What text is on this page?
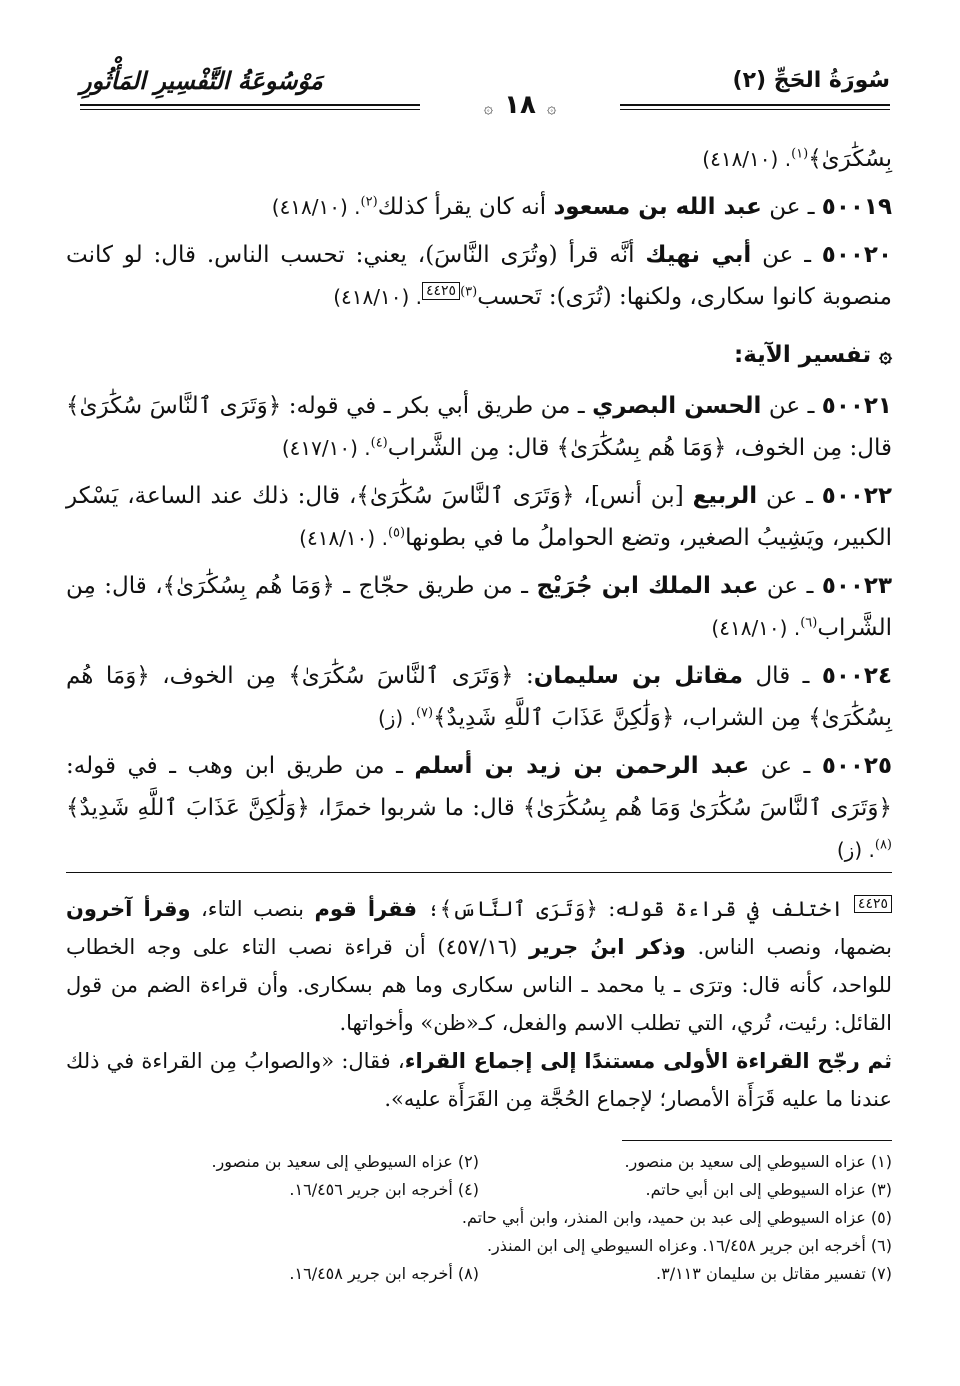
سُورَةُ الحَجِّ (٢)
مَوْسُوعَةُ التَّفْسِيرِ المَأْثُورِ
۞ ١٨ ۞

بِسُكَٰرَىٰ﴾$^{(١)}$. (٤١٨/١٠)

٥٠٠١٩ ـ عن عبد الله بن مسعود أنه كان يقرأ كذلك$^{(٢)}$. (٤١٨/١٠)

٥٠٠٢٠ ـ عن أبي نهيك أنَّه قرأ (وتُرَى النَّاسَ)، يعني: تحسب الناس. قال: لو كانت منصوبة كانوا سكارى، ولكنها: (تُرَى): تَحسب$^{(٣)}$٤٤٢٥. (٤١٨/١٠)

۞ تفسير الآية:

٥٠٠٢١ ـ عن الحسن البصري ـ من طريق أبي بكر ـ في قوله: ﴿وَتَرَى ٱلنَّاسَ سُكَٰرَىٰ﴾ قال: مِن الخوف، ﴿وَمَا هُم بِسُكَٰرَىٰ﴾ قال: مِن الشَّراب$^{(٤)}$. (٤١٧/١٠)

٥٠٠٢٢ ـ عن الربيع [بن أنس]، ﴿وَتَرَى ٱلنَّاسَ سُكَٰرَىٰ﴾، قال: ذلك عند الساعة، يَسْكر الكبير، ويَشِيبُ الصغير، وتضع الحواملُ ما في بطونها$^{(٥)}$. (٤١٨/١٠)

٥٠٠٢٣ ـ عن عبد الملك ابن جُرَيْج ـ من طريق حجّاج ـ ﴿وَمَا هُم بِسُكَٰرَىٰ﴾، قال: مِن الشَّراب$^{(٦)}$. (٤١٨/١٠)

٥٠٠٢٤ ـ قال مقاتل بن سليمان: ﴿وَتَرَى ٱلنَّاسَ سُكَٰرَىٰ﴾ مِن الخوف، ﴿وَمَا هُم بِسُكَٰرَىٰ﴾ مِن الشراب، ﴿وَلَٰكِنَّ عَذَابَ ٱللَّهِ شَدِيدٌ﴾$^{(٧)}$. (ز)

٥٠٠٢٥ ـ عن عبد الرحمن بن زيد بن أسلم ـ من طريق ابن وهب ـ في قوله: ﴿وَتَرَى ٱلنَّاسَ سُكَٰرَىٰ وَمَا هُم بِسُكَٰرَىٰ﴾ قال: ما شربوا خمرًا، ﴿وَلَٰكِنَّ عَذَابَ ٱللَّهِ شَدِيدٌ﴾$^{(٨)}$. (ز)

٤٤٢٥ اختلف في قراءة قوله: ﴿وَتَرَى ٱلنَّاسَ﴾؛ فقرأ قوم بنصب التاء، وقرأ آخرون بضمها، ونصب الناس. وذكر ابنُ جرير (٤٥٧/١٦) أن قراءة نصب التاء على وجه الخطاب للواحد، كأنه قال: وترَى ـ يا محمد ـ الناس سكارى وما هم بسكارى. وأن قراءة الضم من قول القائل: رئيت، تُري، التي تطلب الاسم والفعل، كـ«ظن» وأخواتها.

ثم رجّح القراءة الأولى مستندًا إلى إجماع القراء، فقال: «والصوابُ مِن القراءة في ذلك عندنا ما عليه قَرَأَة الأمصار؛ لإجماع الحُجَّة مِن القَرَأَة عليه».

(١) عزاه السيوطي إلى سعيد بن منصور.
(٢) عزاه السيوطي إلى سعيد بن منصور.
(٣) عزاه السيوطي إلى ابن أبي حاتم.
(٤) أخرجه ابن جرير ١٦/٤٥٦.
(٥) عزاه السيوطي إلى عبد بن حميد، وابن المنذر، وابن أبي حاتم.
(٦) أخرجه ابن جرير ١٦/٤٥٨. وعزاه السيوطي إلى ابن المنذر.
(٧) تفسير مقاتل بن سليمان ٣/١١٣.
(٨) أخرجه ابن جرير ١٦/٤٥٨.
